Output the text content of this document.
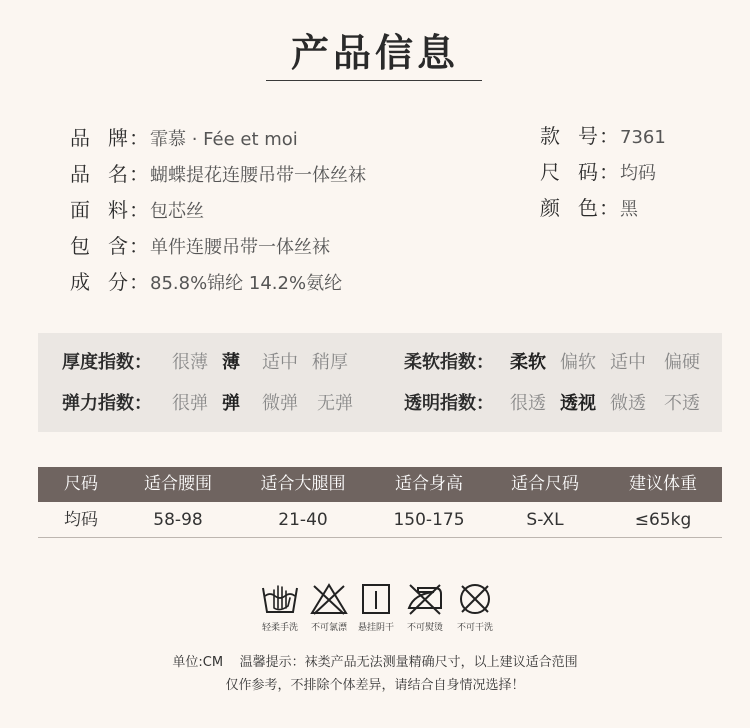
产品信息
品牌：霏慕 · Fée et moi
品名：蝴蝶提花连腰吊带一体丝袜
面料：包芯丝
包含：单件连腰吊带一体丝袜
成分：85.8%锦纶 14.2%氨纶
款号：7361
尺码：均码
颜色：黑
厚度指数： 很薄 薄 适中 稍厚	柔软指数： 柔软 偏软 适中 偏硬
弹力指数： 很弹 弹 微弹 无弹	透明指数： 很透 透视 微透 不透
尺码	适合腰围	适合大腿围	适合身高	适合尺码	建议体重
均码	58-98	21-40	150-175	S-XL	≤65kg
轻柔手洗	不可氯漂	悬挂阴干	不可熨烫	不可干洗
单位:CM    温馨提示：袜类产品无法测量精确尺寸，以上建议适合范围
仅作参考，不排除个体差异，请结合自身情况选择！
